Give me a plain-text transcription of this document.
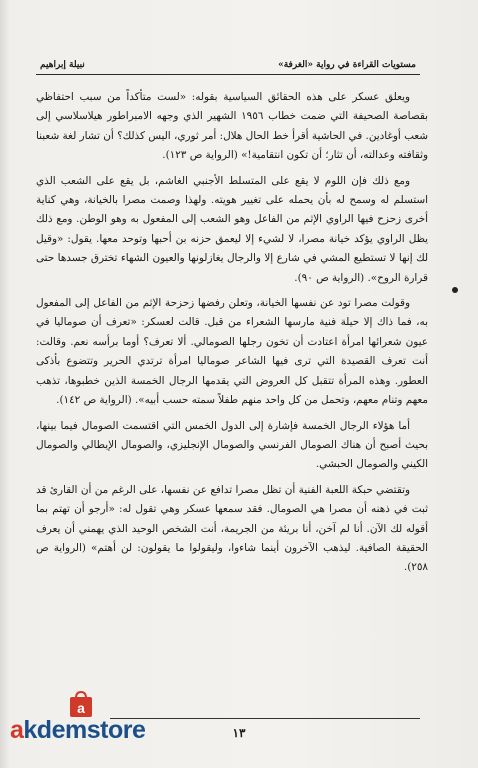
مستويات القراءة في رواية «الغرفة»
نبيلة إبراهيم

ويعلق عسكر على هذه الحقائق السياسية بقوله: «لست متأكداً من سبب احتفاظي بقصاصة الصحيفة التي ضمت خطاب ١٩٥٦ الشهير الذي وجهه الامبراطور هيلاسلاسي إلى شعب أوغادين. في الحاشية أقرأ خط الحال هلال: أمر ثوري، اليس كذلك؟ أن تشار لغة شعبنا وثقافته وعدالته، أن تثار؛ أن تكون انتقامية!» (الرواية ص ١٢٣).

ومع ذلك فإن اللوم لا يقع على المتسلط الأجنبي الغاشم، بل يقع على الشعب الذي استسلم له وسمح له بأن يحمله على تغيير هويته. ولهذا وصمت مصرا بالخيانة، وهي كناية أخرى زحزح فيها الراوي الإثم من الفاعل وهو الشعب إلى المفعول به وهو الوطن. ومع ذلك يظل الراوي يؤكد خيانة مصرا، لا لشيء إلا ليعمق حزنه بن أحبها وتوحد معها. يقول: «وقيل لك إنها لا تستطيع المشي في شارع إلا والرجال يغازلونها والعيون الشهاء تخترق جسدها حتى قرارة الروح». (الرواية ص ٩٠).

وقولت مصرا تود عن نفسها الخيانة، وتعلن رفضها زحزحة الإثم من الفاعل إلى المفعول به، فما ذاك إلا حيلة فنية مارسها الشعراء من قبل. قالت لعسكر: «تعرف أن صوماليا في عيون شعرائها امرأة اعتادت أن تخون رجلها الصومالي. ألا تعرف؟ أوما برأسه نعم. وقالت: أنت تعرف القصيدة التي ترى فيها الشاعر صوماليا امرأة ترتدي الحرير وتتضوع بأذكى العطور. وهذه المرأة تتقبل كل العروض التي يقدمها الرجال الخمسة الذين خطبوها، تذهب معهم وتنام معهم، وتحمل من كل واحد منهم طفلاً سمته حسب أبيه». (الرواية ص ١٤٢).

أما هؤلاء الرجال الخمسة فإشارة إلى الدول الخمس التي اقتسمت الصومال فيما بينها، بحيث أصبح أن هناك الصومال الفرنسي والصومال الإنجليزي، والصومال الإيطالي والصومال الكيني والصومال الحبشي.

وتقتضي حبكة اللعبة الفنية أن تظل مصرا تدافع عن نفسها، على الرغم من أن القارئ قد ثبت في ذهنه أن مصرا هي الصومال. فقد سمعها عسكر وهي تقول له: «أرجو أن تهتم بما أقوله لك الآن. أنا لم آخن، أنا بريئة من الجريمة، أنت الشخص الوحيد الذي يهمني أن يعرف الحقيقة الصافية. ليذهب الآخرون أينما شاءوا، وليقولوا ما يقولون: لن أهتم» (الرواية ص ٢٥٨).

١٣
a
akdemstore
